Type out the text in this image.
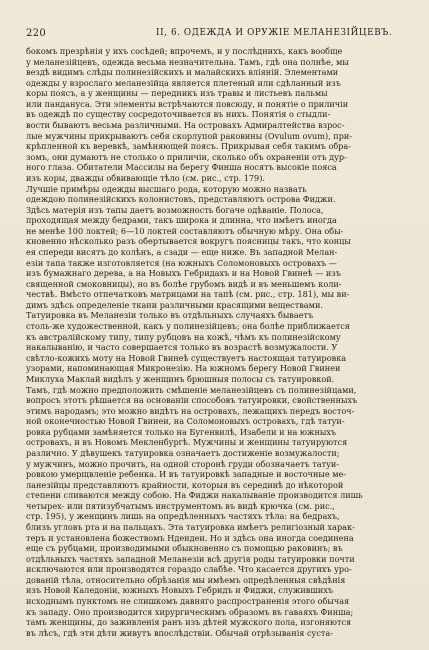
220	II, 6. ОДЕЖДА И ОРУЖІЕ МЕЛАНЕЗІЙЦЕВЪ.
бокомъ презрѣнія у ихъ сосѣдей; впрочемъ, и у послѣднихъ, какъ вообще
у меланезійцевъ, одежда весьма незначительна. Тамъ, гдѣ она полнѣе, мы
вездѣ видимъ слѣды полинезійскихъ и малайскихъ вліяній. Элементами
одежды у взрослаго меланезійца является плетеный или сдѣланный изъ
коры поясъ, а у женщины — передникъ изъ травы и листьевъ пальмы
или пандануса. Эти элементы встрѣчаются повсюду, и понятіе о приличіи
въ одеждѣ по существу сосредоточивается въ нихъ. Понятія о стыдли-
вости бываютъ весьма различными. На островахъ Адмиралтейства взрос-
лые мужчины прикрываютъ себя скорлупой раковины (Ovulum ovum), при-
крѣпленной къ веревкѣ, замѣняющей поясъ. Прикрывая себя такимъ обра-
зомъ, они думаютъ не столько о приличіи, сколько объ охраненіи отъ дур-
ного глаза. Обитатели Массилы на берегу Финша носятъ высокіе пояса
изъ коры, дважды обвивающіе тѣло (см. рис., стр. 179).
Лучшіе примѣры одежды высшаго рода, которую можно назвать
одеждою полинезійскихъ колонистовъ, представляютъ острова Фиджи.
Здѣсь матерія изъ тапы даетъ возможность богаче одѣваніе. Полоса,
проходящая между бедрами, такъ широка и длинна, что имѣетъ иногда
не менѣе 100 локтей; 6—10 локтей составляютъ обычную мѣру. Она обы-
кновенно нѣсколько разъ обертывается вокругъ поясницы такъ, что концы
ея спереди висятъ до колѣнъ, а сзади — еще ниже. Въ западной Мелан-
езіи тапа также изготовляется (на южныхъ Соломоновыхъ островахъ —
изъ бумажнаго дерева, а на Новыхъ Гебридахъ и на Новой Гвинеѣ — изъ
священной смоковницы), но въ болѣе грубомъ видѣ и въ меньшемъ коли-
чествѣ. Вмѣсто отпечатковъ матрицами на тапѣ (см. рис., стр. 181), мы ви-
димъ здѣсь определеніе ткани различными красящими веществами.
Татуировка въ Меланезіи только въ отдѣльныхъ случаяхъ бываетъ
столь-же художественной, какъ у полинезійцевъ; она болѣе приближается
къ австралійскому типу, типу рубцовъ на кожѣ, чѣмъ къ полинезійскому
накалыванію, и часто совершается только въ возрастѣ возмужалости. У
свѣтло-кожихъ моту на Новой Гвинеѣ существуетъ настоящая татуировка
узорами, напоминающая Микронезію. На южномъ берегу Новой Гвинеи
Миклуха Маклай видѣлъ у женщинъ брюшныя полосы съ татуировкой.
Тамъ, гдѣ можно предположить смѣшеніе меланезійцевъ съ полинезійцами,
вопросъ этотъ рѣшается на основаніи способовъ татуировки, свойственныхъ
этимъ народамъ; это можно видѣть на островахъ, лежащихъ передъ восточ-
ной оконечностью Новой Гвинеи, на Соломоновыхъ островахъ, гдѣ татуи-
ровка рубцами замѣняется только на Бугенвилѣ, Изабели и на южныхъ
островахъ, и въ Новомъ Мекленбургѣ. Мужчины и женщины татуируются
различно. У дѣвушекъ татуировка означаетъ достиженіе возмужалости;
у мужчинъ, можно прочить, на одной сторонѣ груди обозначаетъ татуи-
ровкою умерщвленіе ребенка. И въ татуировкѣ западные и восточные ме-
ланезійцы представляютъ крайности, которыя въ серединѣ до нѣкоторой
степени сливаются между собою. На Фиджи накалываніе производится лишь
четырех- или пятизубчатымъ инструментомъ въ видѣ крючка (см. рис.,
стр. 195), у женщинъ лишь на опредѣленныхъ частяхъ тѣла: на бедрахъ,
близъ угловъ рта и на пальцахъ. Эта татуировка имѣетъ религіозный харак-
теръ и установлена божествомъ Ндендеи. Но и здѣсь она иногда соединена
еще съ рубцами, производимыми обыкновенно съ помощью раковинъ; въ
отдѣльныхъ частяхъ западной Меланезіи всѣ другія роды татуировки почти
исключаются или производятся гораздо слабѣе. Что касается другихъ уро-
дованій тѣла, относительно обрѣзанія мы имѣемъ опредѣленныя свѣдѣнія
изъ Новой Каледоніи, южныхъ Новыхъ Гебридъ и Фиджи, служившихъ
исходнымъ пунктомъ не слишкомъ давняго распространенія этого обычая
къ западу. Оно производится хирургическимъ образомъ въ гаваяхъ Финша;
тамъ женщины, до заживленія ранъ изъ дѣтей мужского пола, изгоняются
въ лѣсъ, гдѣ эти дѣти живутъ впослѣдствіи. Обычай отрѣзыванія суста-
